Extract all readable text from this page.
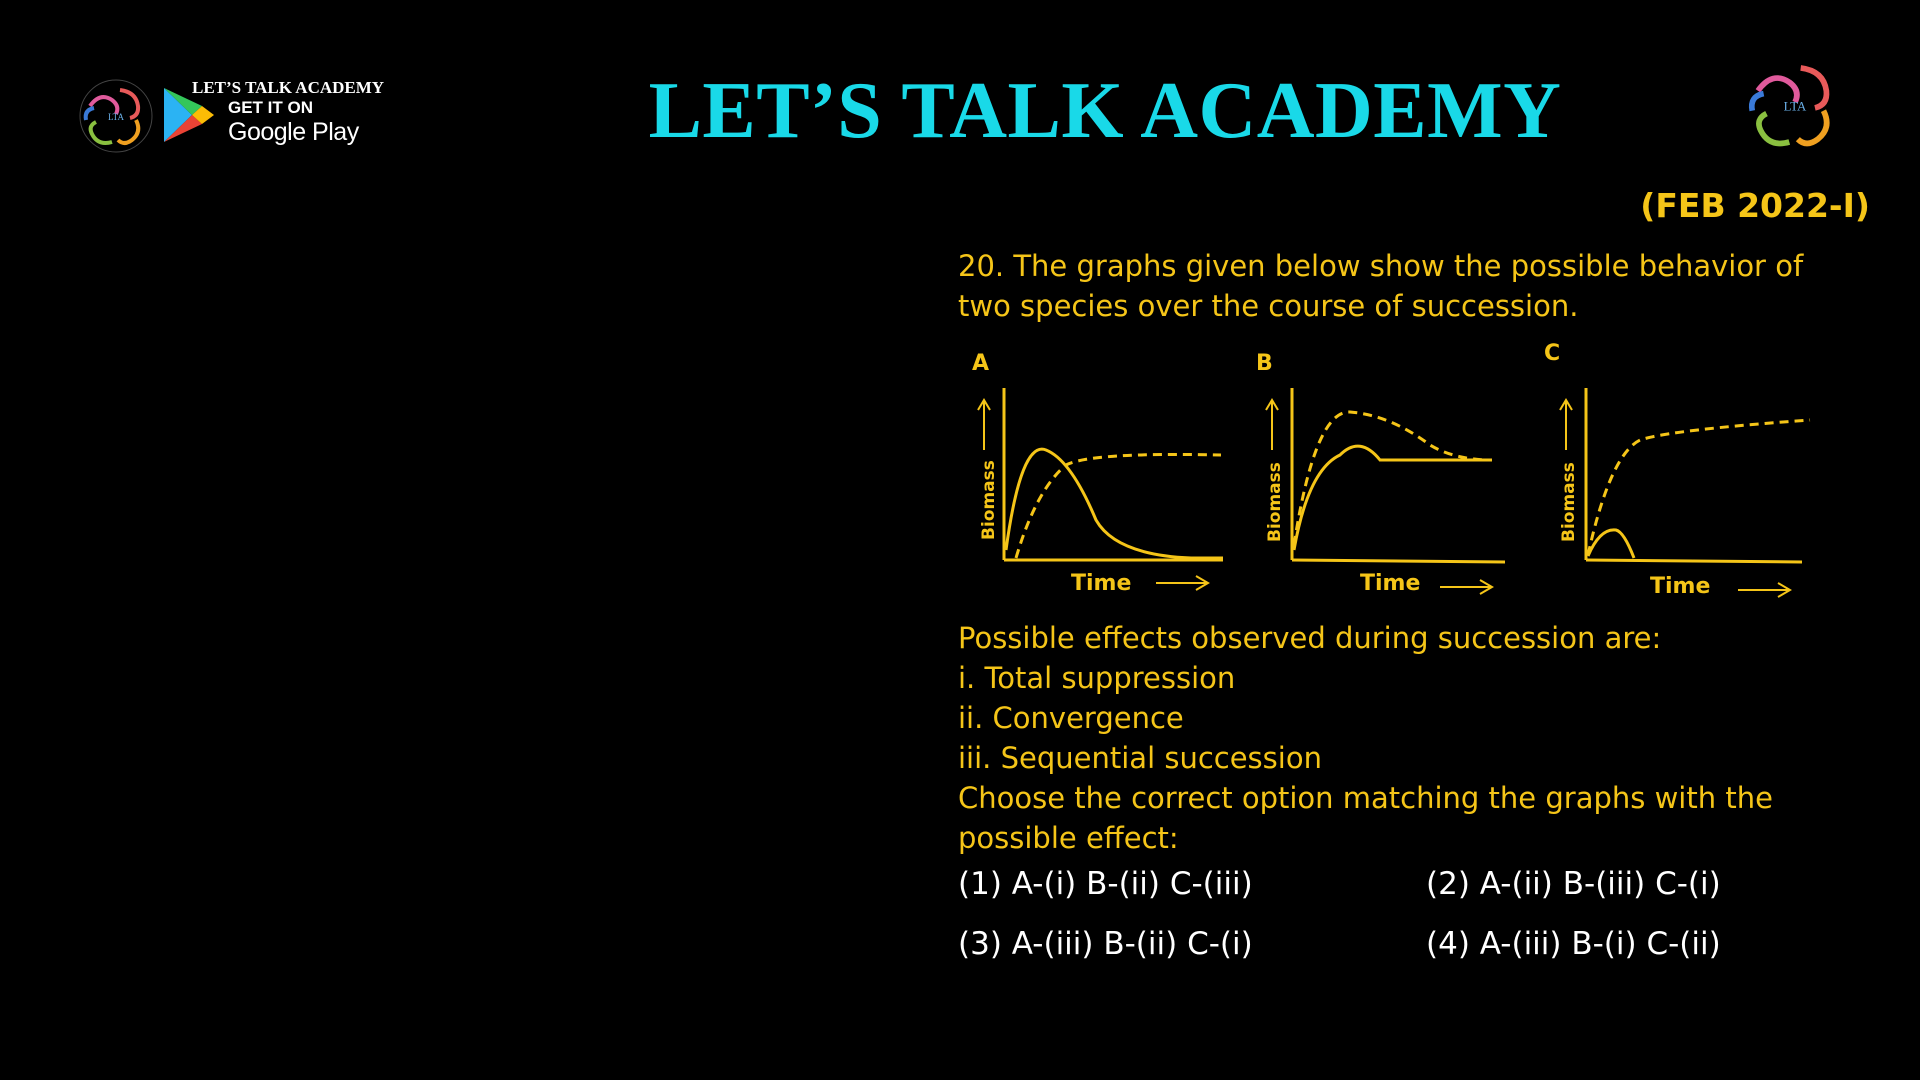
LTA
LET’S TALK ACADEMY
GET IT ON
Google Play	LET’S TALK ACADEMY	LTA
(FEB 2022-I)
20. The graphs given below show the possible behavior of
two species over the course of succession.
A
Biomass
Time
B
Biomass
Time
C
Biomass
Time
Possible effects observed during succession are:
i. Total suppression
ii. Convergence
iii. Sequential succession
Choose the correct option matching the graphs with the
possible effect:
(1) A-(i) B-(ii) C-(iii)	(2) A-(ii) B-(iii) C-(i)
(3) A-(iii) B-(ii) C-(i)	(4) A-(iii) B-(i) C-(ii)
